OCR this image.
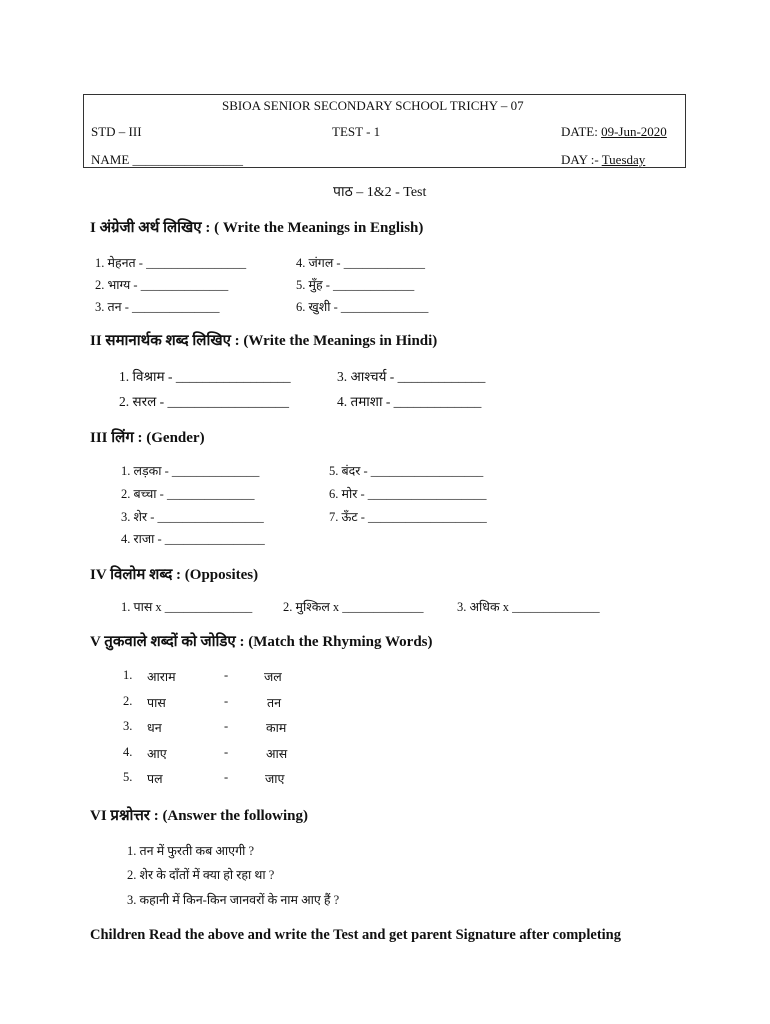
SBIOA SENIOR SECONDARY SCHOOL TRICHY – 07
STD – III	TEST - 1	DATE: 09-Jun-2020
NAME _________________	DAY :- Tuesday
पाठ – 1&2 - Test
I अंग्रेजी अर्थ लिखिए : ( Write the Meanings in English)
1. मेहनत - ________________
2. भाग्य - ______________
3. तन - ______________
4. जंगल - _____________
5. मुँह - _____________
6. खुशी - ______________
II समानार्थक शब्द लिखिए : (Write the Meanings in Hindi)
1. विश्राम - _________________
2. सरल - __________________
3. आश्चर्य - _____________
4. तमाशा - _____________
III लिंग : (Gender)
1. लड़का - ______________
2. बच्चा - ______________
3. शेर - _________________
4. राजा - ________________
5. बंदर - __________________
6. मोर - ___________________
7. ऊँट - ___________________
IV विलोम शब्द : (Opposites)
1. पास x ______________ 2. मुश्किल x _____________	3. अधिक x ______________
V तुकवाले शब्दों को जोडिए : (Match the Rhyming Words)
1. आराम	-	जल
2. पास	-	तन
3. धन	-	काम
4. आए	-	आस
5. पल	-	जाए
VI प्रश्नोत्तर : (Answer the following)
1. तन में फुरती कब आएगी ?
2. शेर के दाँतों में क्या हो रहा था ?
3. कहानी में किन-किन जानवरों के नाम आए हैं ?
Children Read the above and write the Test and get parent Signature after completing
